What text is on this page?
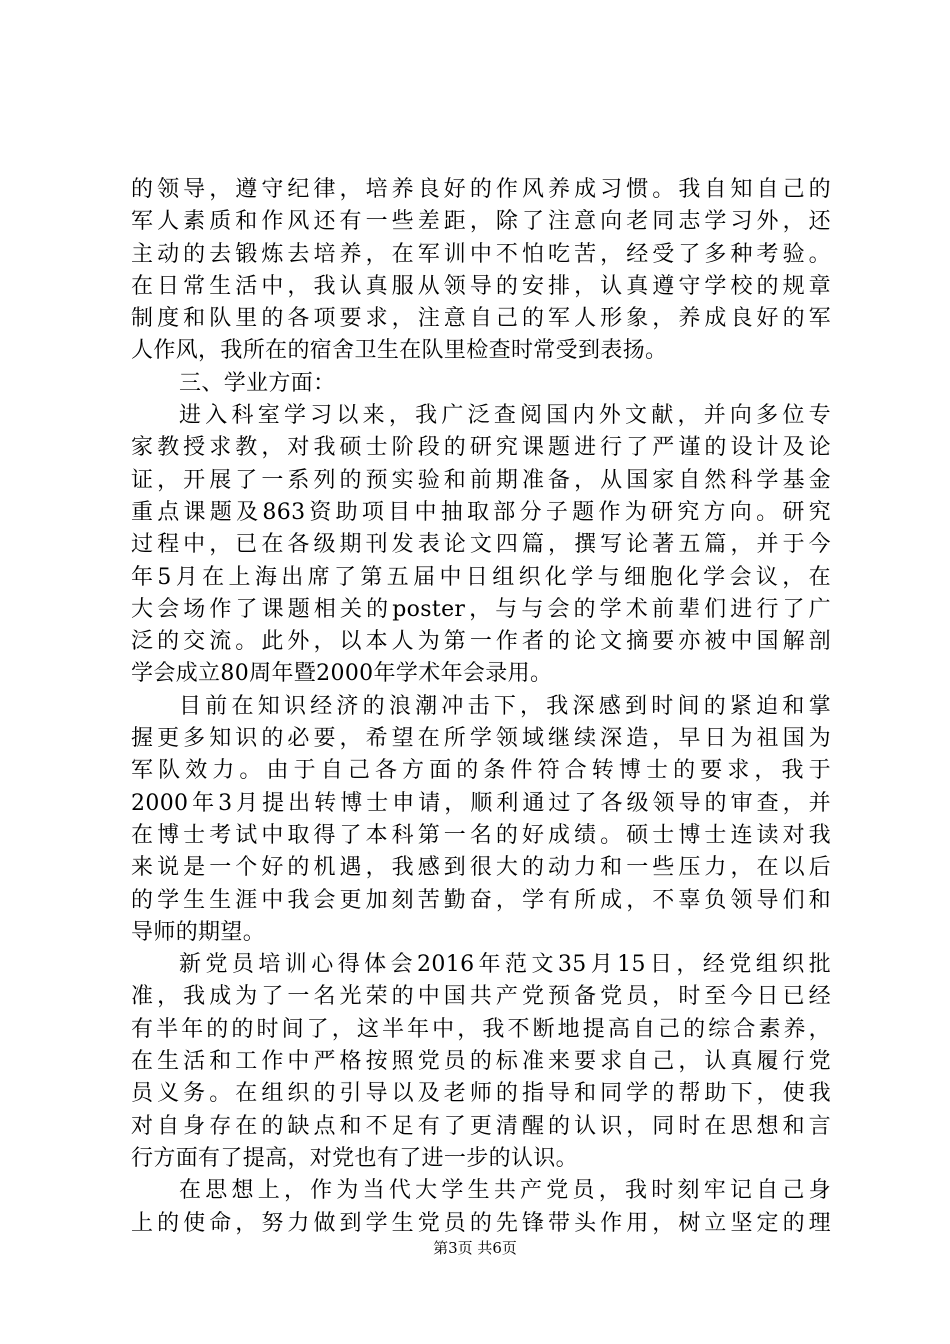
的领导，遵守纪律，培养良好的作风养成习惯。我自知自己的
军人素质和作风还有一些差距，除了注意向老同志学习外，还
主动的去锻炼去培养，在军训中不怕吃苦，经受了多种考验。
在日常生活中，我认真服从领导的安排，认真遵守学校的规章
制度和队里的各项要求，注意自己的军人形象，养成良好的军
人作风，我所在的宿舍卫生在队里检查时常受到表扬。
三、学业方面：
进入科室学习以来，我广泛查阅国内外文献，并向多位专
家教授求教，对我硕士阶段的研究课题进行了严谨的设计及论
证，开展了一系列的预实验和前期准备，从国家自然科学基金
重点课题及863资助项目中抽取部分子题作为研究方向。研究
过程中，已在各级期刊发表论文四篇，撰写论著五篇，并于今
年5月在上海出席了第五届中日组织化学与细胞化学会议，在
大会场作了课题相关的poster，与与会的学术前辈们进行了广
泛的交流。此外，以本人为第一作者的论文摘要亦被中国解剖
学会成立80周年暨2000年学术年会录用。
目前在知识经济的浪潮冲击下，我深感到时间的紧迫和掌
握更多知识的必要，希望在所学领域继续深造，早日为祖国为
军队效力。由于自己各方面的条件符合转博士的要求，我于
2000年3月提出转博士申请，顺利通过了各级领导的审查，并
在博士考试中取得了本科第一名的好成绩。硕士博士连读对我
来说是一个好的机遇，我感到很大的动力和一些压力，在以后
的学生生涯中我会更加刻苦勤奋，学有所成，不辜负领导们和
导师的期望。
新党员培训心得体会2016年范文35月15日，经党组织批
准，我成为了一名光荣的中国共产党预备党员，时至今日已经
有半年的的时间了，这半年中，我不断地提高自己的综合素养，
在生活和工作中严格按照党员的标准来要求自己，认真履行党
员义务。在组织的引导以及老师的指导和同学的帮助下，使我
对自身存在的缺点和不足有了更清醒的认识，同时在思想和言
行方面有了提高，对党也有了进一步的认识。
在思想上，作为当代大学生共产党员，我时刻牢记自己身
上的使命，努力做到学生党员的先锋带头作用，树立坚定的理
第3页 共6页
